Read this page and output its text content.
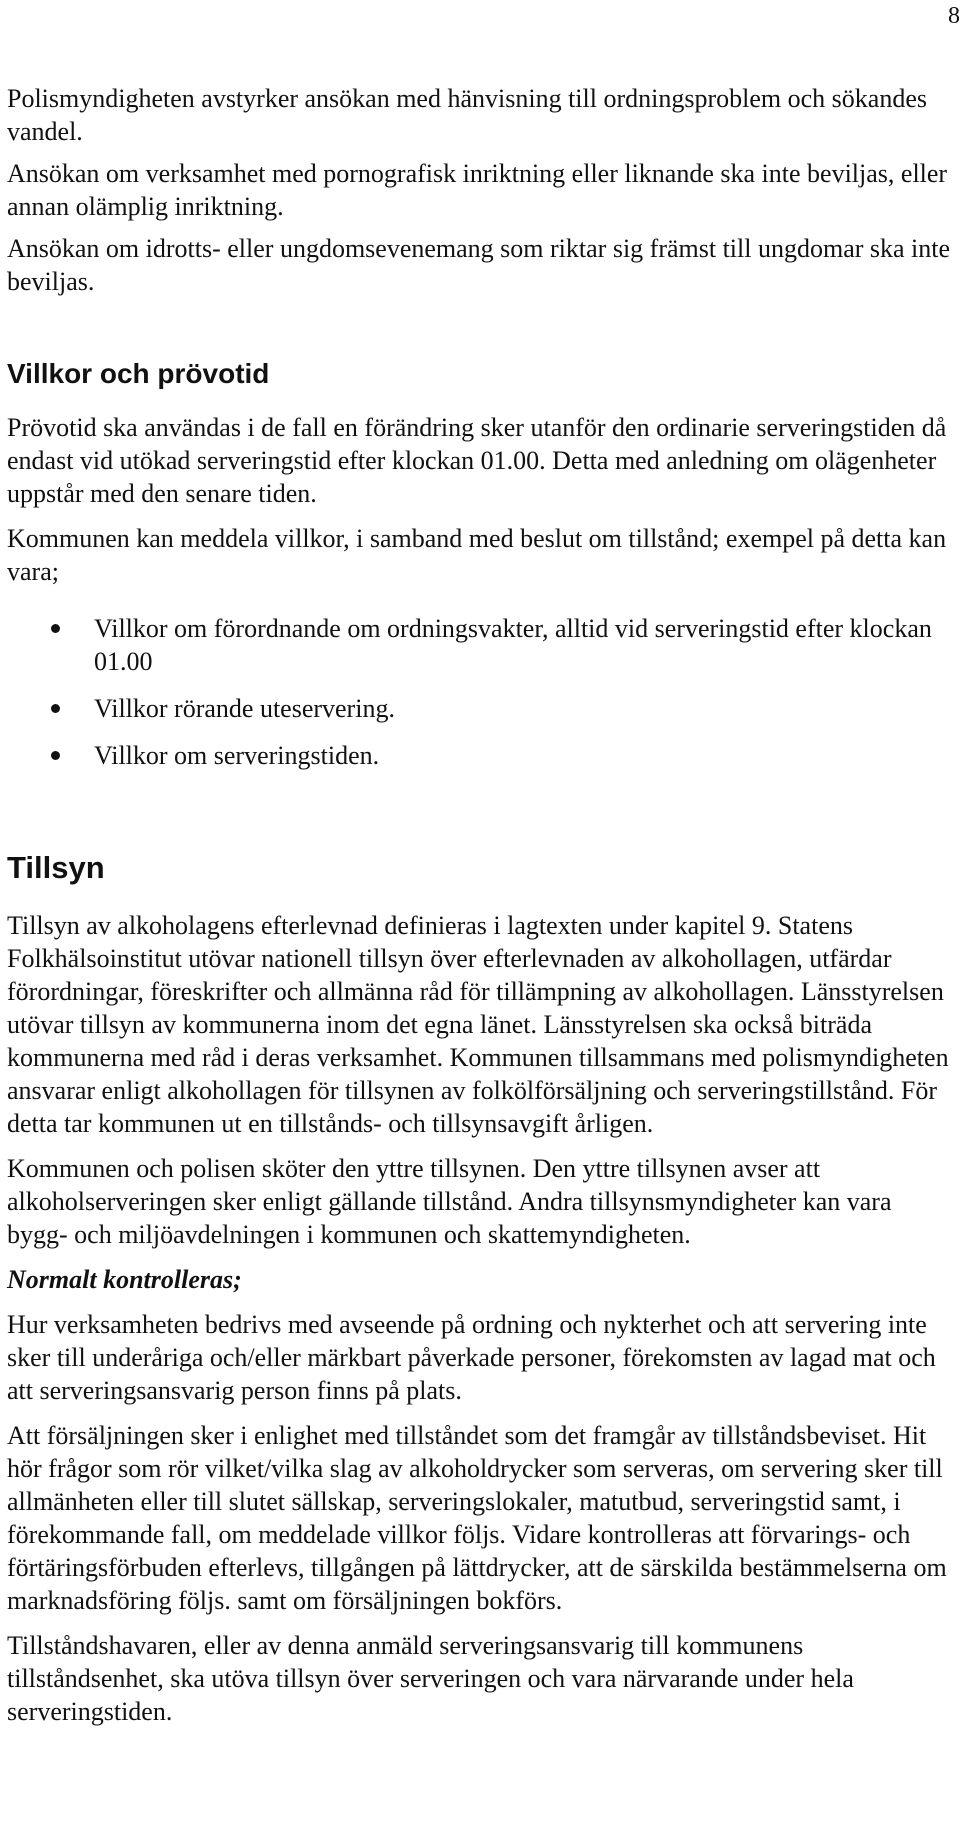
8

Polismyndigheten avstyrker ansökan med hänvisning till ordningsproblem och sökandes vandel.

Ansökan om verksamhet med pornografisk inriktning eller liknande ska inte beviljas, eller annan olämplig inriktning.

Ansökan om idrotts- eller ungdomsevenemang som riktar sig främst till ungdomar ska inte beviljas.

Villkor och prövotid

Prövotid ska användas i de fall en förändring sker utanför den ordinarie serveringstiden då endast vid utökad serveringstid efter klockan 01.00. Detta med anledning om olägenheter uppstår med den senare tiden.

Kommunen kan meddela villkor, i samband med beslut om tillstånd; exempel på detta kan vara;

Villkor om förordnande om ordningsvakter, alltid vid serveringstid efter klockan 01.00
Villkor rörande uteservering.
Villkor om serveringstiden.
Tillsyn

Tillsyn av alkoholagens efterlevnad definieras i lagtexten under kapitel 9. Statens Folkhälsoinstitut utövar nationell tillsyn över efterlevnaden av alkohollagen, utfärdar förordningar, föreskrifter och allmänna råd för tillämpning av alkohollagen. Länsstyrelsen utövar tillsyn av kommunerna inom det egna länet. Länsstyrelsen ska också biträda kommunerna med råd i deras verksamhet. Kommunen tillsammans med polismyndigheten ansvarar enligt alkohollagen för tillsynen av folkölförsäljning och serveringstillstånd. För detta tar kommunen ut en tillstånds- och tillsynsavgift årligen.

Kommunen och polisen sköter den yttre tillsynen. Den yttre tillsynen avser att alkoholserveringen sker enligt gällande tillstånd. Andra tillsynsmyndigheter kan vara bygg- och miljöavdelningen i kommunen och skattemyndigheten.

Normalt kontrolleras;

Hur verksamheten bedrivs med avseende på ordning och nykterhet och att servering inte sker till underåriga och/eller märkbart påverkade personer, förekomsten av lagad mat och att serveringsansvarig person finns på plats.

Att försäljningen sker i enlighet med tillståndet som det framgår av tillståndsbeviset. Hit hör frågor som rör vilket/vilka slag av alkoholdrycker som serveras, om servering sker till allmänheten eller till slutet sällskap, serveringslokaler, matutbud, serveringstid samt, i förekommande fall, om meddelade villkor följs. Vidare kontrolleras att förvarings- och förtäringsförbuden efterlevs, tillgången på lättdrycker, att de särskilda bestämmelserna om marknadsföring följs. samt om försäljningen bokförs.

Tillståndshavaren, eller av denna anmäld serveringsansvarig till kommunens tillståndsenhet, ska utöva tillsyn över serveringen och vara närvarande under hela serveringstiden.
